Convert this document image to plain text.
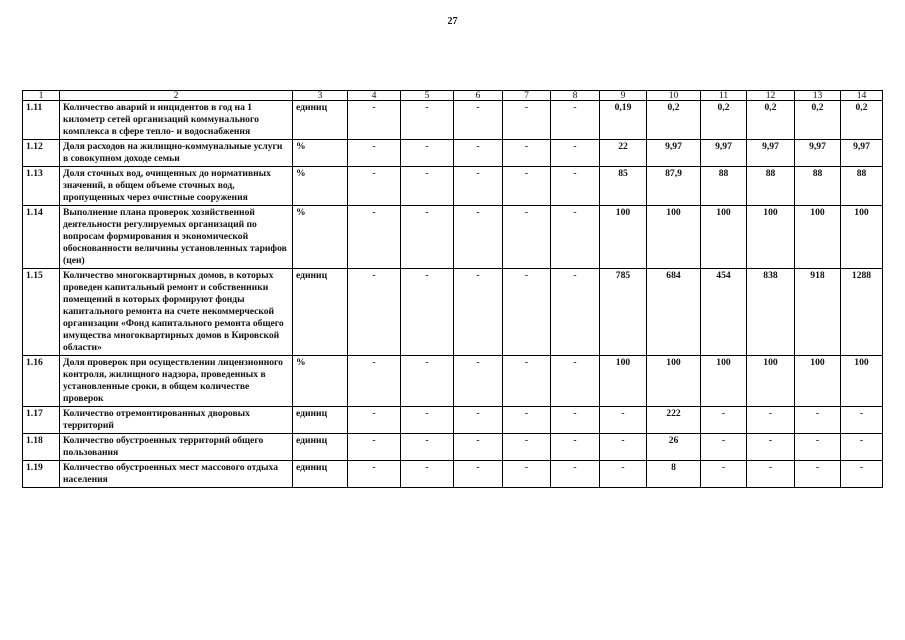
27
1	2	3	4	5	6	7	8	9	10	11	12	13	14
1.11	Количество аварий и инцидентов в год на 1 километр сетей организаций коммунального комплекса в сфере тепло- и водоснабжения	единиц	-	-	-	-	-	0,19	0,2	0,2	0,2	0,2	0,2
1.12	Доля расходов на жилищно-коммунальные услуги в совокупном доходе семьи	%	-	-	-	-	-	22	9,97	9,97	9,97	9,97	9,97
1.13	Доля сточных вод, очищенных до нормативных значений, в общем объеме сточных вод, пропущенных через очистные сооружения	%	-	-	-	-	-	85	87,9	88	88	88	88
1.14	Выполнение плана проверок хозяйственной деятельности регулируемых организаций по вопросам формирования и экономической обоснованности величины установленных тарифов (цен)	%	-	-	-	-	-	100	100	100	100	100	100
1.15	Количество многоквартирных домов, в которых проведен капитальный ремонт и собственники помещений в которых формируют фонды капитального ремонта на счете некоммерческой организации «Фонд капитального ремонта общего имущества многоквартирных домов в Кировской области»	единиц	-	-	-	-	-	785	684	454	838	918	1288
1.16	Доля проверок при осуществлении лицензионного контроля, жилищного надзора, проведенных в установленные сроки, в общем количестве проверок	%	-	-	-	-	-	100	100	100	100	100	100
1.17	Количество отремонтированных дворовых территорий	единиц	-	-	-	-	-	-	222	-	-	-	-
1.18	Количество обустроенных территорий общего пользования	единиц	-	-	-	-	-	-	26	-	-	-	-
1.19	Количество обустроенных мест массового отдыха населения	единиц	-	-	-	-	-	-	8	-	-	-	-
